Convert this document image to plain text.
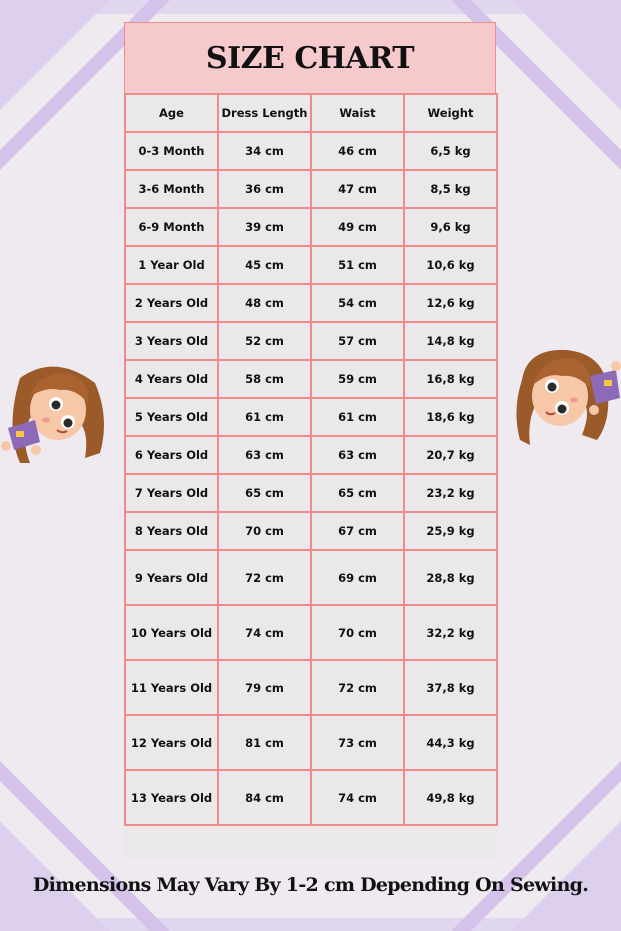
SIZE CHART
Age	Dress Length	Waist	Weight
0-3 Month	34 cm	46 cm	6,5 kg
3-6 Month	36 cm	47 cm	8,5 kg
6-9 Month	39 cm	49 cm	9,6 kg
1 Year Old	45 cm	51 cm	10,6 kg
2 Years Old	48 cm	54 cm	12,6 kg
3 Years Old	52 cm	57 cm	14,8 kg
4 Years Old	58 cm	59 cm	16,8 kg
5 Years Old	61 cm	61 cm	18,6 kg
6 Years Old	63 cm	63 cm	20,7 kg
7 Years Old	65 cm	65 cm	23,2 kg
8 Years Old	70 cm	67 cm	25,9 kg
9 Years Old	72 cm	69 cm	28,8 kg
10 Years Old	74 cm	70 cm	32,2 kg
11 Years Old	79 cm	72 cm	37,8 kg
12 Years Old	81 cm	73 cm	44,3 kg
13 Years Old	84 cm	74 cm	49,8 kg
Dimensions May Vary By 1-2 cm Depending On Sewing.
